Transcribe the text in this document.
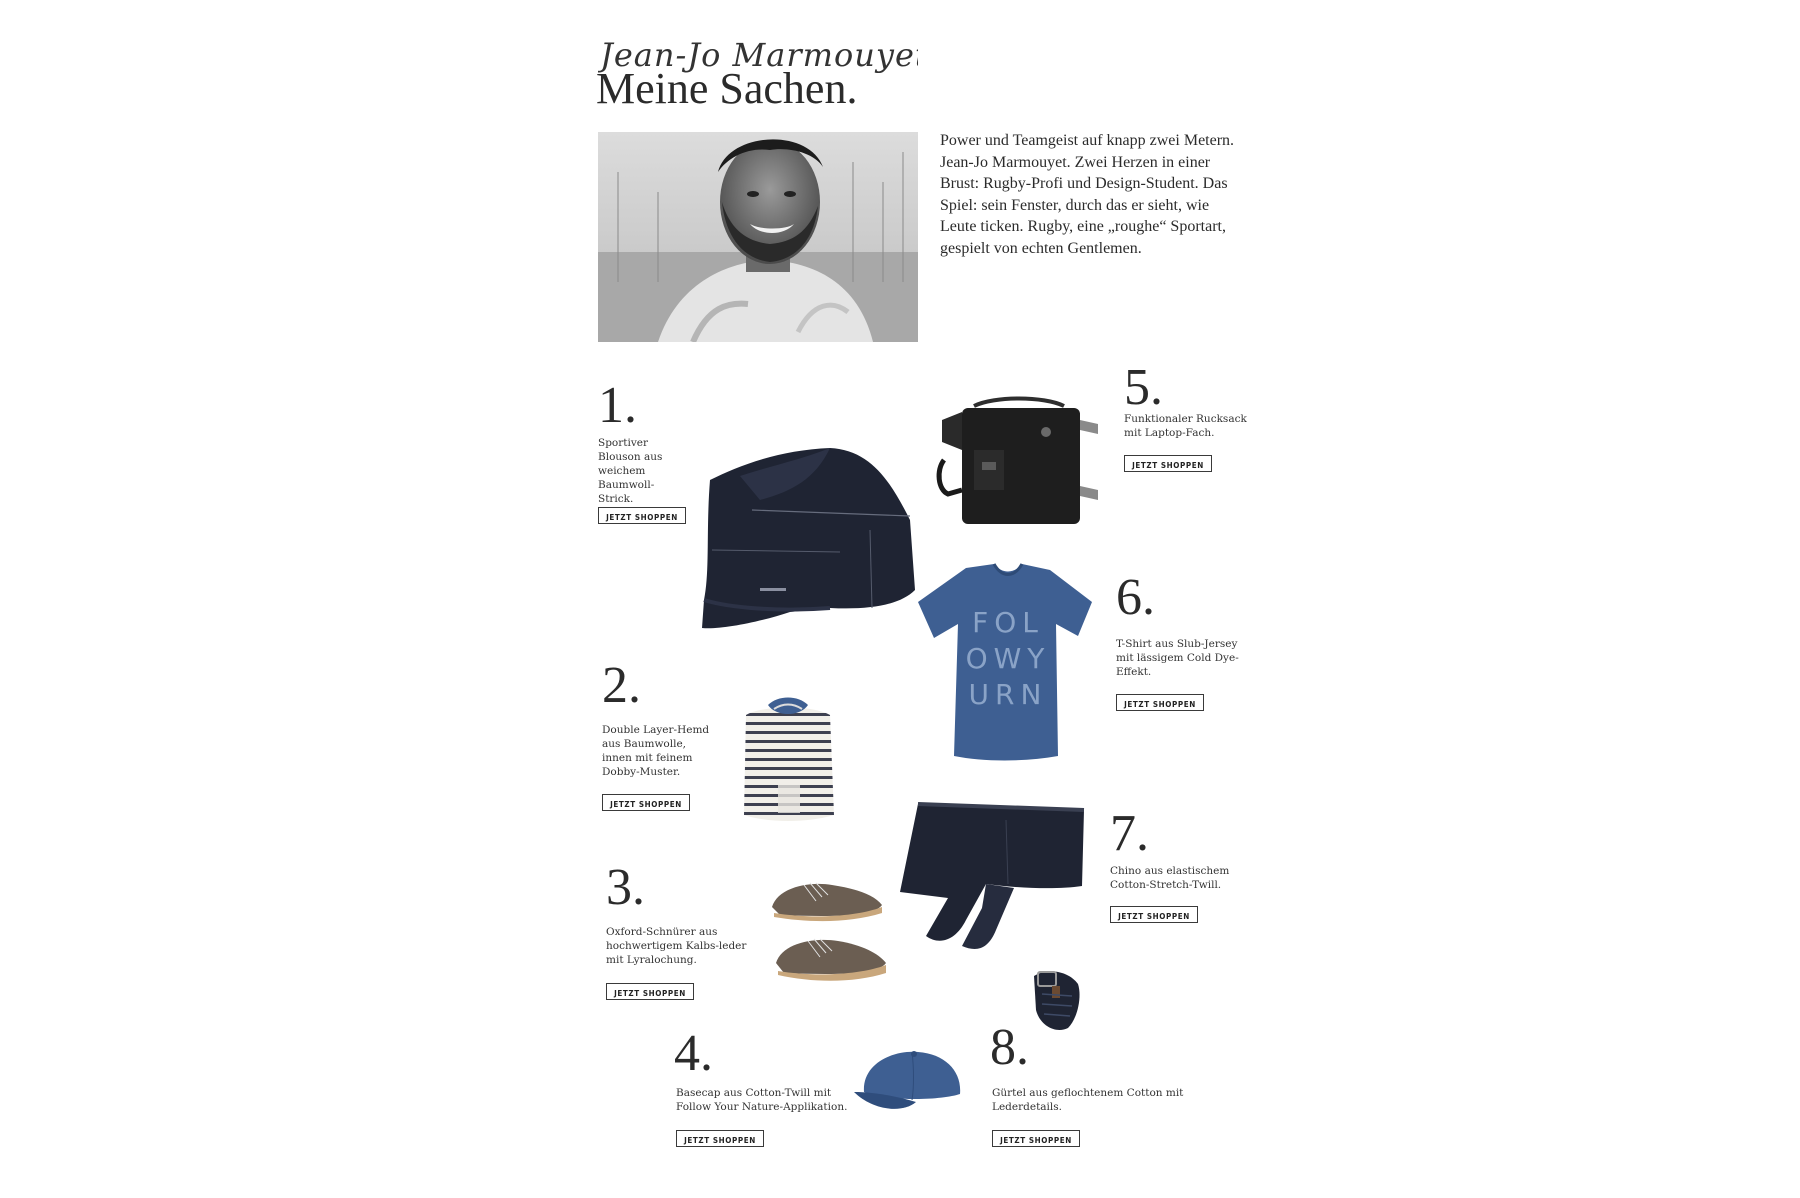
Jean-Jo Marmouyet
Meine Sachen.
Power und Teamgeist auf knapp zwei Metern. Jean-Jo Marmouyet. Zwei Herzen in einer Brust: Rugby-Profi und Design-Student. Das Spiel: sein Fenster, durch das er sieht, wie Leute ticken. Rugby, eine „roughe“ Sportart, gespielt von echten Gentlemen.
FOL
OWY
URN
1.
Sportiver Blouson aus weichem Baumwoll-Strick.
JETZT SHOPPEN
2.
Double Layer-Hemd aus Baumwolle, innen mit feinem Dobby-Muster.
JETZT SHOPPEN
3.
Oxford-Schnürer aus hochwertigem Kalbs-leder mit Lyralochung.
JETZT SHOPPEN
4.
Basecap aus Cotton-Twill mit Follow Your Nature-Applikation.
JETZT SHOPPEN
5.
Funktionaler Rucksack mit Laptop-Fach.
JETZT SHOPPEN
6.
T-Shirt aus Slub-Jersey mit lässigem Cold Dye-Effekt.
JETZT SHOPPEN
7.
Chino aus elastischem Cotton-Stretch-Twill.
JETZT SHOPPEN
8.
Gürtel aus geflochtenem Cotton mit Lederdetails.
JETZT SHOPPEN
